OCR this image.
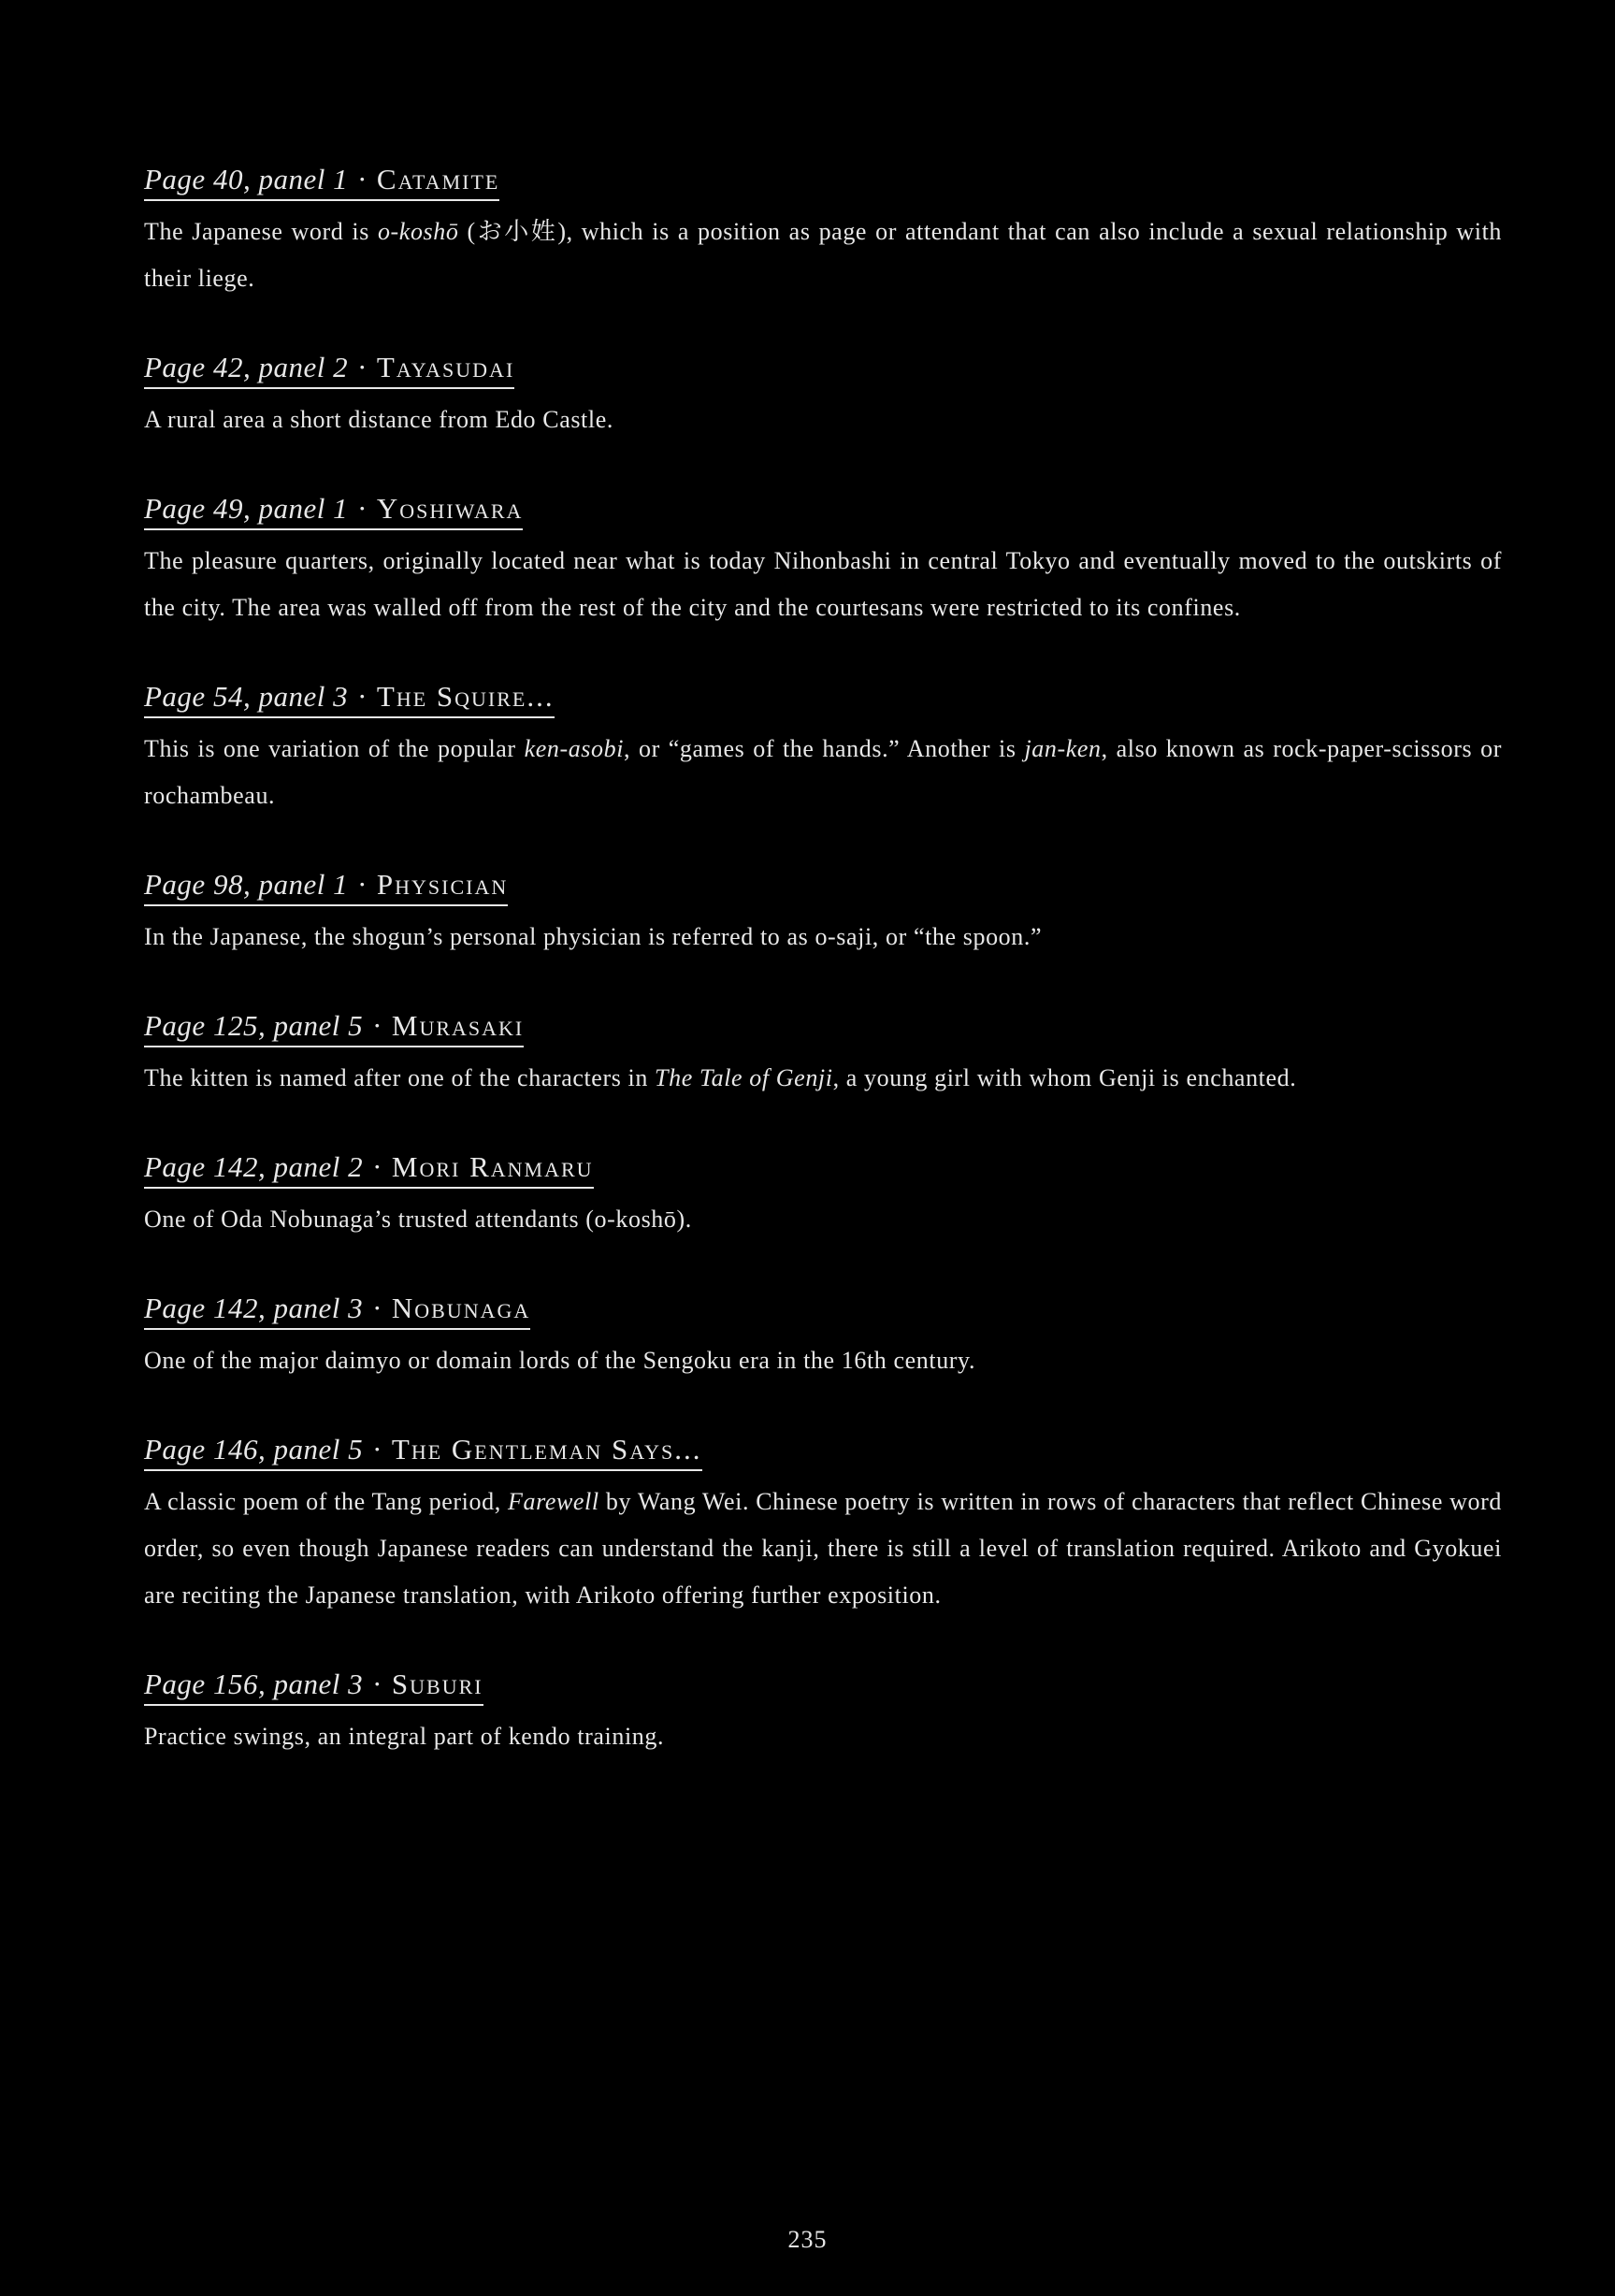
Page 40, panel 1 · Catamite

The Japanese word is o-koshō (お小姓), which is a position as page or attendant that can also include a sexual relationship with their liege.

Page 42, panel 2 · Tayasudai

A rural area a short distance from Edo Castle.

Page 49, panel 1 · Yoshiwara

The pleasure quarters, originally located near what is today Nihonbashi in central Tokyo and eventually moved to the outskirts of the city. The area was walled off from the rest of the city and the courtesans were restricted to its confines.

Page 54, panel 3 · The Squire...

This is one variation of the popular ken-asobi, or “games of the hands.” Another is jan-ken, also known as rock-paper-scissors or rochambeau.

Page 98, panel 1 · Physician

In the Japanese, the shogun’s personal physician is referred to as o-saji, or “the spoon.”

Page 125, panel 5 · Murasaki

The kitten is named after one of the characters in The Tale of Genji, a young girl with whom Genji is enchanted.

Page 142, panel 2 · Mori Ranmaru

One of Oda Nobunaga’s trusted attendants (o-koshō).

Page 142, panel 3 · Nobunaga

One of the major daimyo or domain lords of the Sengoku era in the 16th century.

Page 146, panel 5 · The Gentleman Says...

A classic poem of the Tang period, Farewell by Wang Wei. Chinese poetry is written in rows of characters that reflect Chinese word order, so even though Japanese readers can understand the kanji, there is still a level of translation required. Arikoto and Gyokuei are reciting the Japanese translation, with Arikoto offering further exposition.

Page 156, panel 3 · Suburi

Practice swings, an integral part of kendo training.

235
